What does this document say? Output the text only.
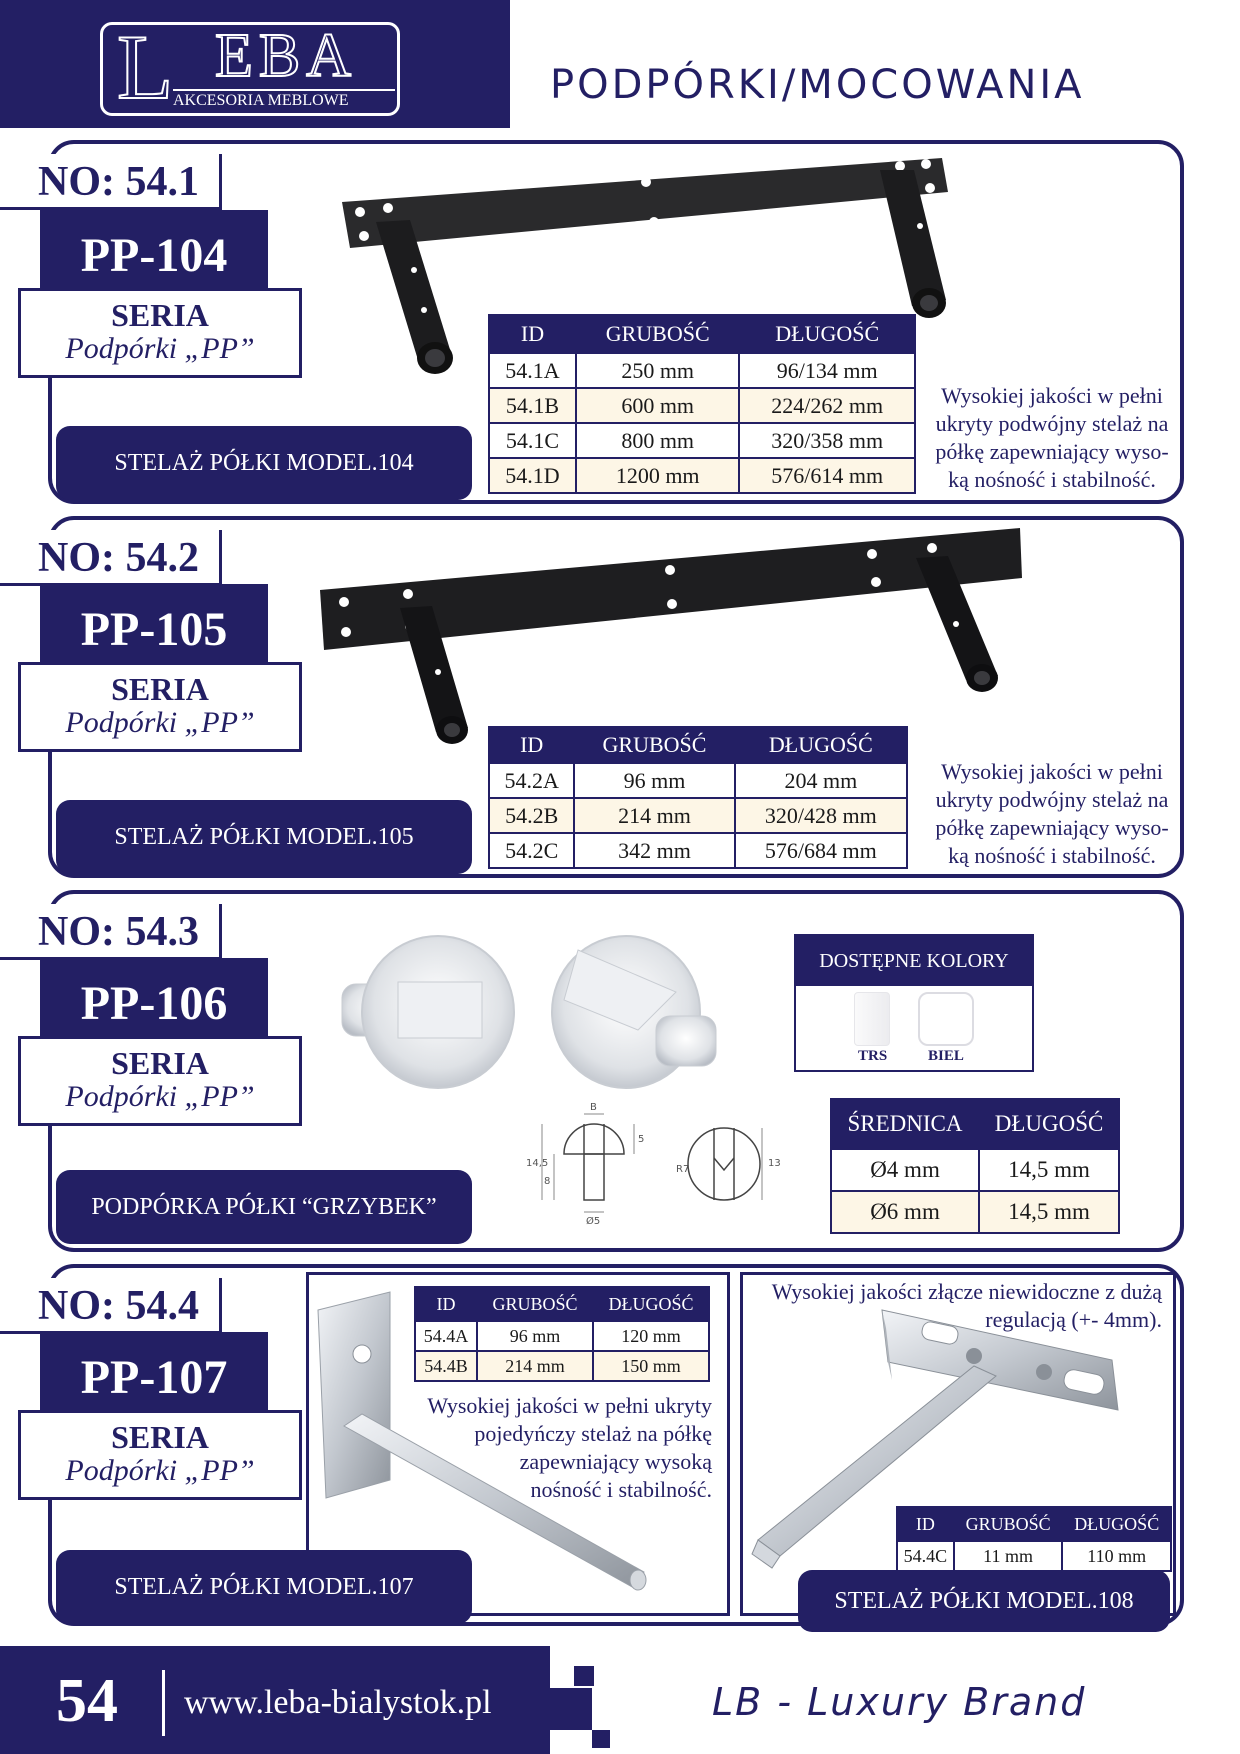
L EBA
AKCESORIA MEBLOWE	PODPÓRKI/MOCOWANIA
NO: 54.1
PP-104
SERIA
Podpórki „PP”
STELAŻ PÓŁKI MODEL.104
ID	GRUBOŚĆ	DŁUGOŚĆ
54.1A	250 mm	96/134 mm
54.1B	600 mm	224/262 mm
54.1C	800 mm	320/358 mm
54.1D	1200 mm	576/614 mm
Wysokiej jakości w pełni
ukryty podwójny stelaż na
półkę zapewniający wyso-
ką nośność i stabilność.
NO: 54.2
PP-105
SERIA
Podpórki „PP”
STELAŻ PÓŁKI MODEL.105
ID	GRUBOŚĆ	DŁUGOŚĆ
54.2A	96 mm	204 mm
54.2B	214 mm	320/428 mm
54.2C	342 mm	576/684 mm
Wysokiej jakości w pełni
ukryty podwójny stelaż na
półkę zapewniający wyso-
ką nośność i stabilność.
NO: 54.3
PP-106
SERIA
Podpórki „PP”
PODPÓRKA PÓŁKI “GRZYBEK”
B
5
14,5
8
Ø5
R7
13
DOSTĘPNE KOLORY
TRS	BIEL
ŚREDNICA	DŁUGOŚĆ
Ø4 mm	14,5 mm
Ø6 mm	14,5 mm
NO: 54.4
PP-107
SERIA
Podpórki „PP”
STELAŻ PÓŁKI MODEL.107
ID	GRUBOŚĆ	DŁUGOŚĆ
54.4A	96 mm	120 mm
54.4B	214 mm	150 mm
Wysokiej jakości w pełni ukryty
pojedyńczy stelaż na półkę
zapewniający wysoką
nośność i stabilność.
Wysokiej jakości złącze niewidoczne z dużą
regulacją (+- 4mm).
ID	GRUBOŚĆ	DŁUGOŚĆ
54.4C	11 mm	110 mm
STELAŻ PÓŁKI MODEL.108
54 www.leba-bialystok.pl	LB - Luxury Brand
